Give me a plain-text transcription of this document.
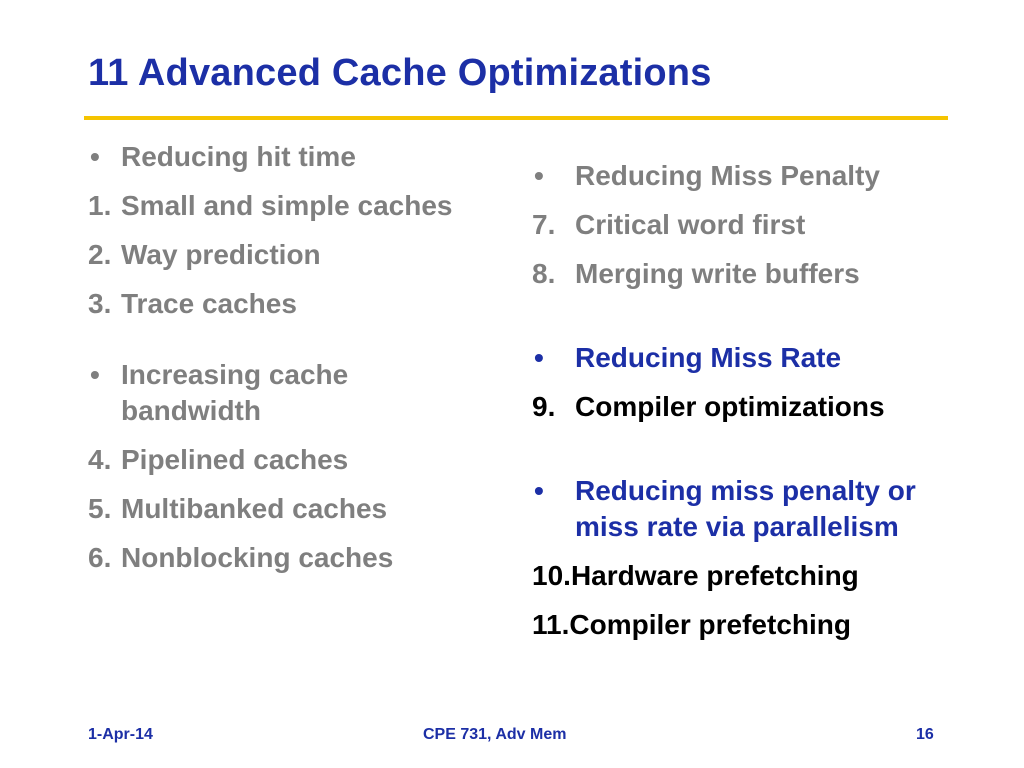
11 Advanced Cache Optimizations
• Reducing hit time
1. Small and simple caches
2. Way prediction
3. Trace caches
• Increasing cache bandwidth
4. Pipelined caches
5. Multibanked caches
6. Nonblocking caches
•	Reducing Miss Penalty
7. Critical word first
8. Merging write buffers
•	Reducing Miss Rate
9. Compiler optimizations
•	Reducing miss penalty or miss rate via parallelism
10. Hardware prefetching
11. Compiler prefetching
1-Apr-14	CPE 731, Adv Mem	16
